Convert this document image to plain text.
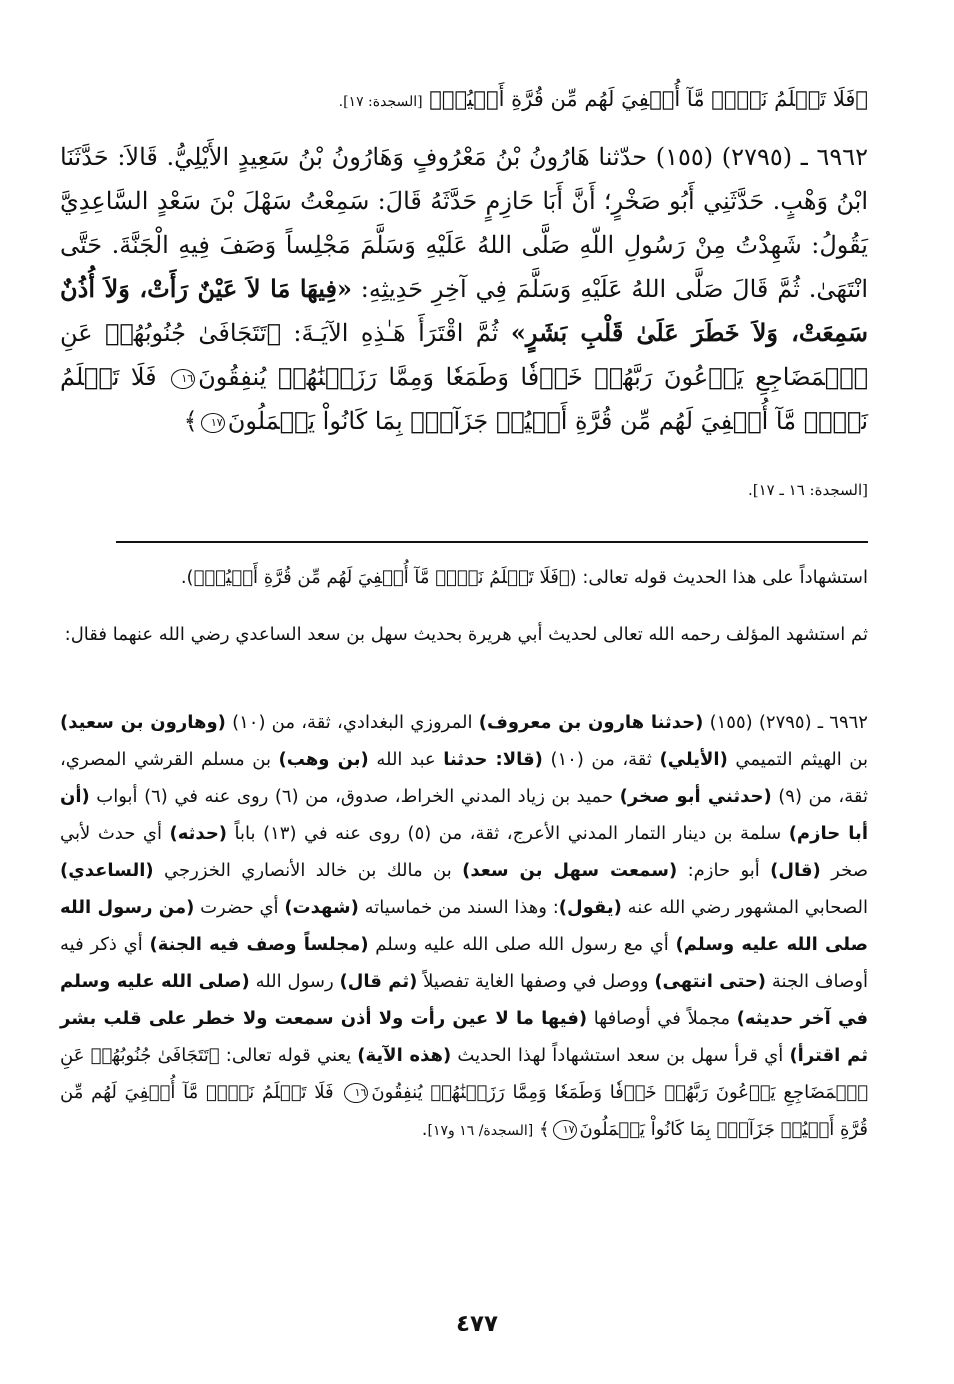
﴿فَلَا تَعۡلَمُ نَفۡسٞ مَّآ أُخۡفِيَ لَهُم مِّن قُرَّةِ أَعۡيُنٖ﴾ [السجدة: ١٧].

٦٩٦٢ ـ (٢٧٩٥) (١٥٥) حدّثنا هَارُونُ بْنُ مَعْرُوفٍ وَهَارُونُ بْنُ سَعِيدٍ الأَيْلِيُّ. قَالاَ: حَدَّثَنَا ابْنُ وَهْبٍ. حَدَّثَنِي أَبُو صَخْرٍ؛ أَنَّ أَبَا حَازِمٍ حَدَّثَهُ قَالَ: سَمِعْتُ سَهْلَ بْنَ سَعْدٍ السَّاعِدِيَّ يَقُولُ: شَهِدْتُ مِنْ رَسُولِ اللّهِ صَلَّى اللهُ عَلَيْهِ وَسَلَّمَ مَجْلِساً وَصَفَ فِيهِ الْجَنَّةَ. حَتَّى انْتَهَىٰ. ثُمَّ قَالَ صَلَّى اللهُ عَلَيْهِ وَسَلَّمَ فِي آخِرِ حَدِيثِهِ: «فِيهَا مَا لاَ عَيْنٌ رَأَتْ، وَلاَ أُذُنٌ سَمِعَتْ، وَلاَ خَطَرَ عَلَىٰ قَلْبِ بَشَرٍ» ثُمَّ اقْتَرَأَ هَـٰذِهِ الآيَـةَ: ﴿تَتَجَافَىٰ جُنُوبُهُمۡ عَنِ ٱلۡمَضَاجِعِ يَدۡعُونَ رَبَّهُمۡ خَوۡفٗا وَطَمَعٗا وَمِمَّا رَزَقۡنَٰهُمۡ يُنفِقُونَ١٦ فَلَا تَعۡلَمُ نَفۡسٞ مَّآ أُخۡفِيَ لَهُم مِّن قُرَّةِ أَعۡيُنٖ جَزَآءَۢ بِمَا كَانُواْ يَعۡمَلُونَ١٧﴾

[السجدة: ١٦ ـ ١٧].

استشهاداً على هذا الحديث قوله تعالى: (﴿فَلَا تَعۡلَمُ نَفۡسٞ مَّآ أُخۡفِيَ لَهُم مِّن قُرَّةِ أَعۡيُنٖ﴾).

ثم استشهد المؤلف رحمه الله تعالى لحديث أبي هريرة بحديث سهل بن سعد الساعدي رضي الله عنهما فقال:

٦٩٦٢ ـ (٢٧٩٥) (١٥٥) (حدثنا هارون بن معروف) المروزي البغدادي، ثقة، من (١٠) (وهارون بن سعيد) بن الهيثم التميمي (الأيلي) ثقة، من (١٠) (قالا: حدثنا عبد الله (بن وهب) بن مسلم القرشي المصري، ثقة، من (٩) (حدثني أبو صخر) حميد بن زياد المدني الخراط، صدوق، من (٦) روى عنه في (٦) أبواب (أن أبا حازم) سلمة بن دينار التمار المدني الأعرج، ثقة، من (٥) روى عنه في (١٣) باباً (حدثه) أي حدث لأبي صخر (قال) أبو حازم: (سمعت سهل بن سعد) بن مالك بن خالد الأنصاري الخزرجي (الساعدي) الصحابي المشهور رضي الله عنه (يقول): وهذا السند من خماسياته (شهدت) أي حضرت (من رسول الله صلى الله عليه وسلم) أي مع رسول الله صلى الله عليه وسلم (مجلساً وصف فيه الجنة) أي ذكر فيه أوصاف الجنة (حتى انتهى) ووصل في وصفها الغاية تفصيلاً (ثم قال) رسول الله (صلى الله عليه وسلم في آخر حديثه) مجملاً في أوصافها (فيها ما لا عين رأت ولا أذن سمعت ولا خطر على قلب بشر ثم اقترأ) أي قرأ سهل بن سعد استشهاداً لهذا الحديث (هذه الآية) يعني قوله تعالى: ﴿تَتَجَافَىٰ جُنُوبُهُمۡ عَنِ ٱلۡمَضَاجِعِ يَدۡعُونَ رَبَّهُمۡ خَوۡفٗا وَطَمَعٗا وَمِمَّا رَزَقۡنَٰهُمۡ يُنفِقُونَ١٦ فَلَا تَعۡلَمُ نَفۡسٞ مَّآ أُخۡفِيَ لَهُم مِّن قُرَّةِ أَعۡيُنٖ جَزَآءَۢ بِمَا كَانُواْ يَعۡمَلُونَ١٧﴾ [السجدة/ ١٦ و١٧].

٤٧٧
